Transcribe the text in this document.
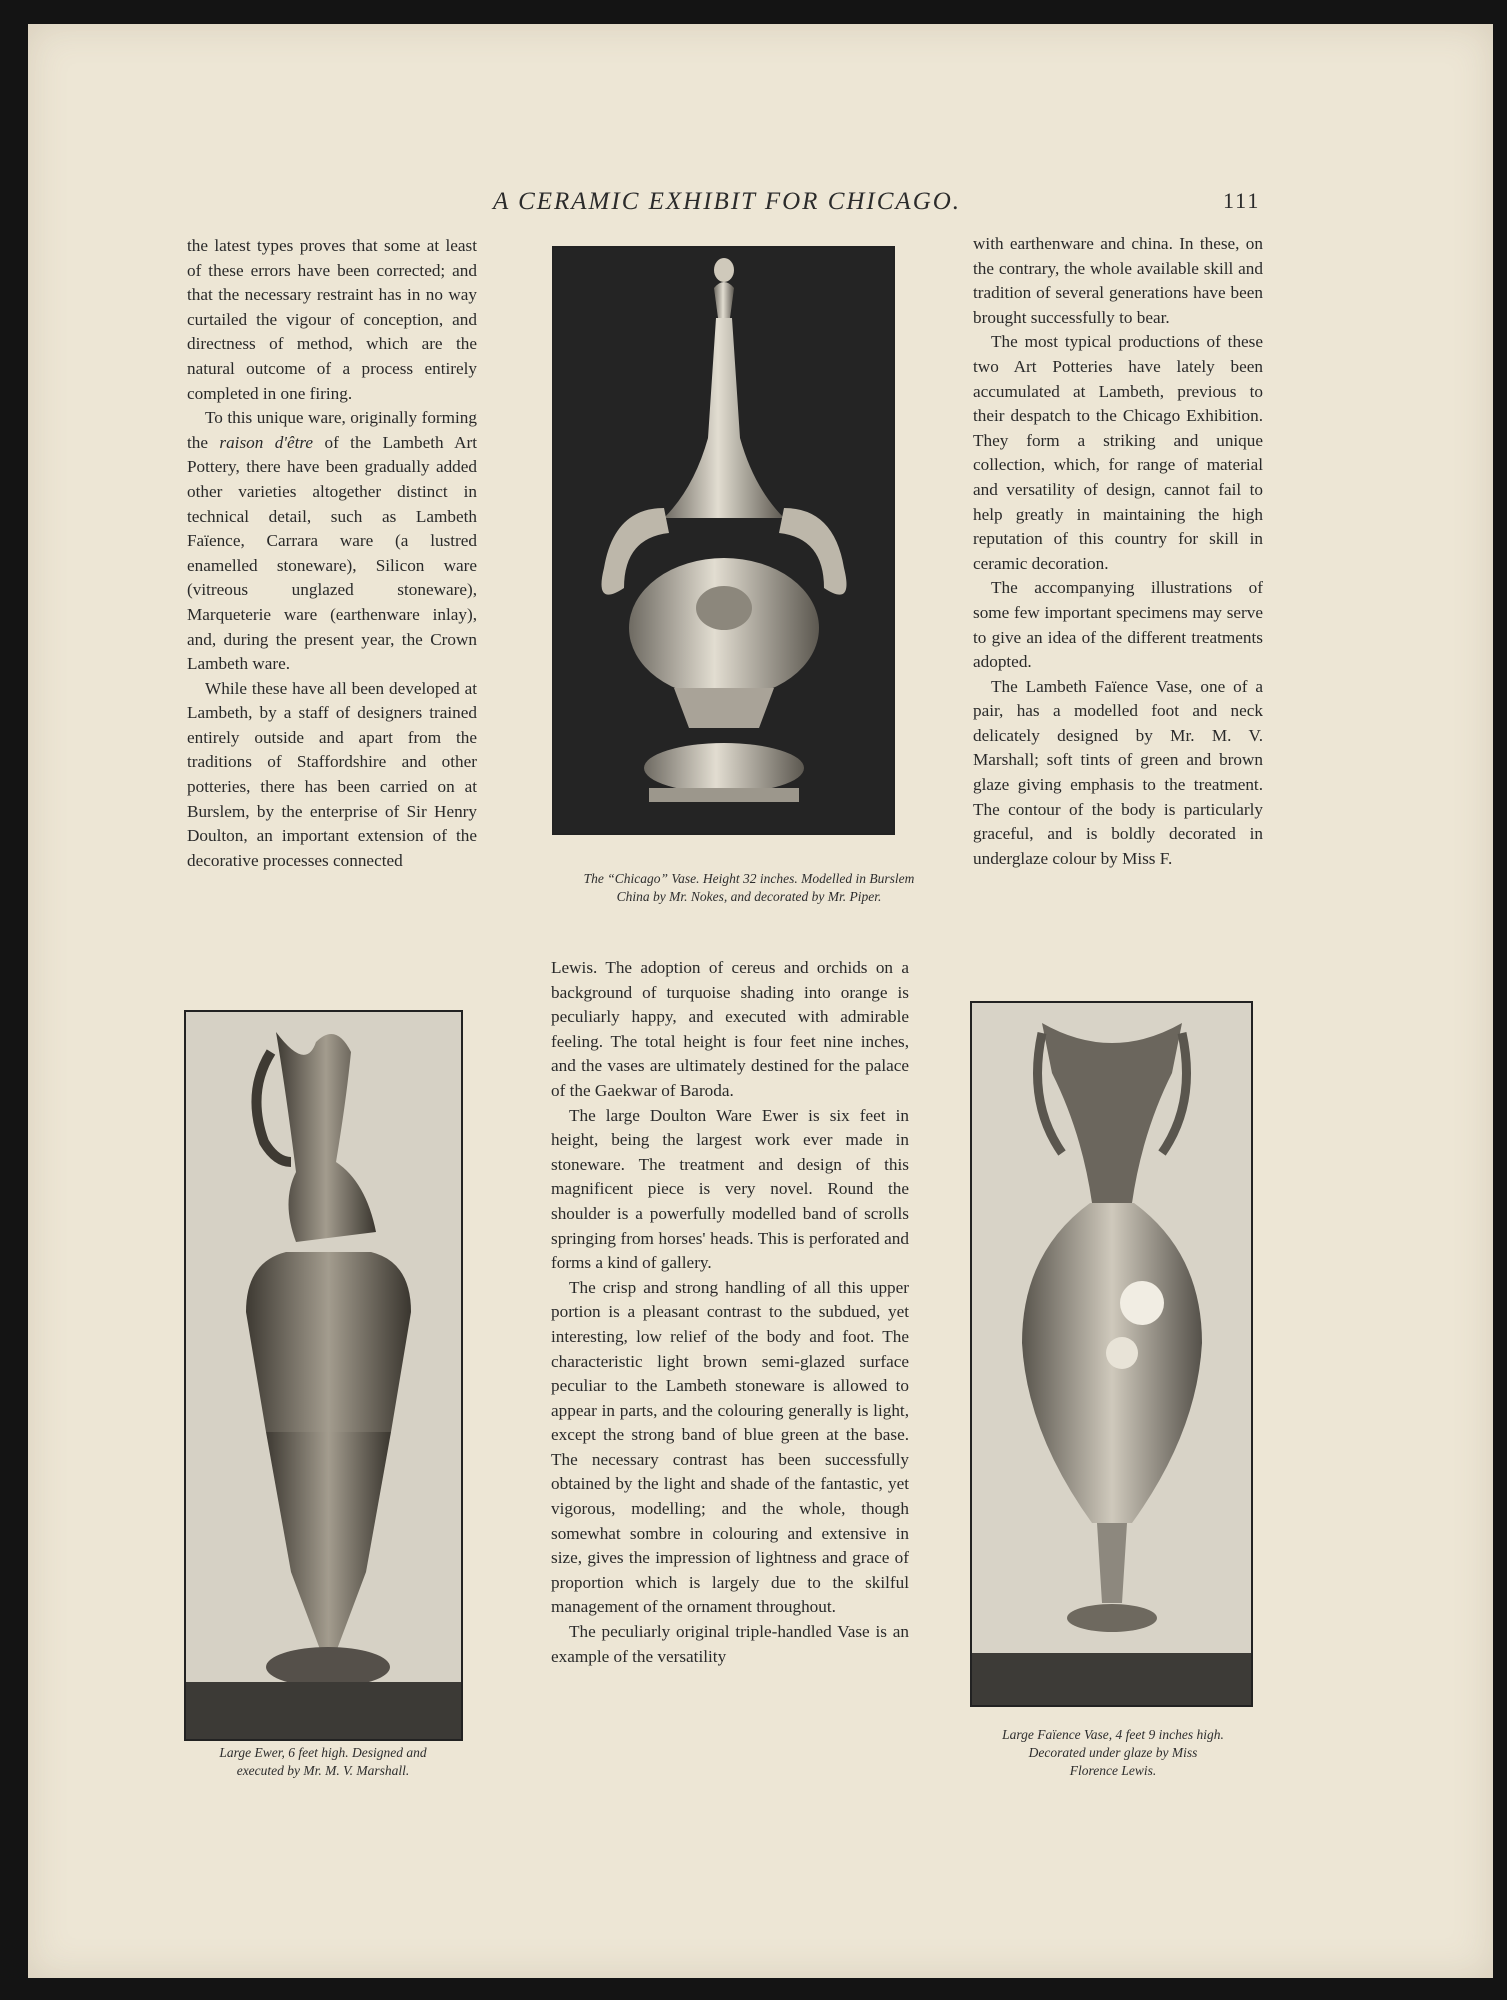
A CERAMIC EXHIBIT FOR CHICAGO.	111

the latest types proves that some at least of these errors have been corrected; and that the necessary restraint has in no way curtailed the vigour of conception, and directness of method, which are the natural outcome of a process entirely completed in one firing.

To this unique ware, originally forming the raison d'être of the Lambeth Art Pottery, there have been gradually added other varieties altogether distinct in technical detail, such as Lambeth Faïence, Carrara ware (a lustred enamelled stoneware), Silicon ware (vitreous unglazed stoneware), Marqueterie ware (earthenware inlay), and, during the present year, the Crown Lambeth ware.

While these have all been developed at Lambeth, by a staff of designers trained entirely outside and apart from the traditions of Staffordshire and other potteries, there has been carried on at Burslem, by the enterprise of Sir Henry Doulton, an important extension of the decorative processes connected

The “Chicago” Vase. Height 32 inches. Modelled in Burslem
China by Mr. Nokes, and decorated by Mr. Piper.

with earthenware and china. In these, on the contrary, the whole available skill and tradition of several generations have been brought successfully to bear.

The most typical productions of these two Art Potteries have lately been accumulated at Lambeth, previous to their despatch to the Chicago Exhibition. They form a striking and unique collection, which, for range of material and versatility of design, cannot fail to help greatly in maintaining the high reputation of this country for skill in ceramic decoration.

The accompanying illustrations of some few important specimens may serve to give an idea of the different treatments adopted.

The Lambeth Faïence Vase, one of a pair, has a modelled foot and neck delicately designed by Mr. M. V. Marshall; soft tints of green and brown glaze giving emphasis to the treatment. The contour of the body is particularly graceful, and is boldly decorated in underglaze colour by Miss F.

Large Ewer, 6 feet high. Designed and
executed by Mr. M. V. Marshall.

Lewis. The adoption of cereus and orchids on a background of turquoise shading into orange is peculiarly happy, and executed with admirable feeling. The total height is four feet nine inches, and the vases are ultimately destined for the palace of the Gaekwar of Baroda.

The large Doulton Ware Ewer is six feet in height, being the largest work ever made in stoneware. The treatment and design of this magnificent piece is very novel. Round the shoulder is a powerfully modelled band of scrolls springing from horses' heads. This is perforated and forms a kind of gallery.

The crisp and strong handling of all this upper portion is a pleasant contrast to the subdued, yet interesting, low relief of the body and foot. The characteristic light brown semi-glazed surface peculiar to the Lambeth stoneware is allowed to appear in parts, and the colouring generally is light, except the strong band of blue green at the base. The necessary contrast has been successfully obtained by the light and shade of the fantastic, yet vigorous, modelling; and the whole, though somewhat sombre in colouring and extensive in size, gives the impression of lightness and grace of proportion which is largely due to the skilful management of the ornament throughout.

The peculiarly original triple-handled Vase is an example of the versatility

Large Faïence Vase, 4 feet 9 inches high.
Decorated under glaze by Miss
Florence Lewis.
